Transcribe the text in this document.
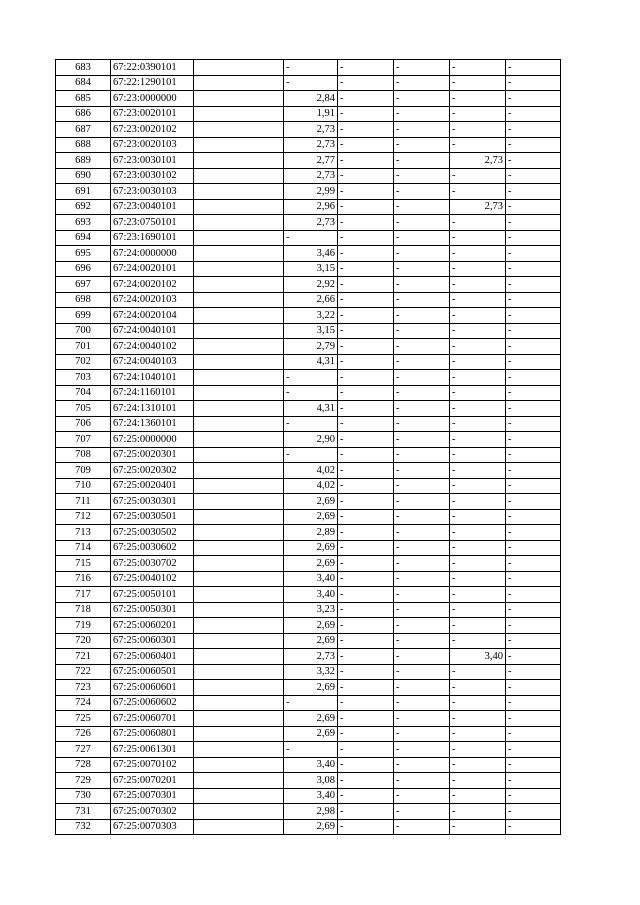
683	67:22:0390101		-	-	-	-	-
684	67:22:1290101		-	-	-	-	-
685	67:23:0000000		2,84	-	-	-	-
686	67:23:0020101		1,91	-	-	-	-
687	67:23:0020102		2,73	-	-	-	-
688	67:23:0020103		2,73	-	-	-	-
689	67:23:0030101		2,77	-	-	2,73	-
690	67:23:0030102		2,73	-	-	-	-
691	67:23:0030103		2,99	-	-	-	-
692	67:23:0040101		2,96	-	-	2,73	-
693	67:23:0750101		2,73	-	-	-	-
694	67:23:1690101		-	-	-	-	-
695	67:24:0000000		3,46	-	-	-	-
696	67:24:0020101		3,15	-	-	-	-
697	67:24:0020102		2,92	-	-	-	-
698	67:24:0020103		2,66	-	-	-	-
699	67:24:0020104		3,22	-	-	-	-
700	67:24:0040101		3,15	-	-	-	-
701	67:24:0040102		2,79	-	-	-	-
702	67:24:0040103		4,31	-	-	-	-
703	67:24:1040101		-	-	-	-	-
704	67:24:1160101		-	-	-	-	-
705	67:24:1310101		4,31	-	-	-	-
706	67:24:1360101		-	-	-	-	-
707	67:25:0000000		2,90	-	-	-	-
708	67:25:0020301		-	-	-	-	-
709	67:25:0020302		4,02	-	-	-	-
710	67:25:0020401		4,02	-	-	-	-
711	67:25:0030301		2,69	-	-	-	-
712	67:25:0030501		2,69	-	-	-	-
713	67:25:0030502		2,89	-	-	-	-
714	67:25:0030602		2,69	-	-	-	-
715	67:25:0030702		2,69	-	-	-	-
716	67:25:0040102		3,40	-	-	-	-
717	67:25:0050101		3,40	-	-	-	-
718	67:25:0050301		3,23	-	-	-	-
719	67:25:0060201		2,69	-	-	-	-
720	67:25:0060301		2,69	-	-	-	-
721	67:25:0060401		2,73	-	-	3,40	-
722	67:25:0060501		3,32	-	-	-	-
723	67:25:0060601		2,69	-	-	-	-
724	67:25:0060602		-	-	-	-	-
725	67:25:0060701		2,69	-	-	-	-
726	67:25:0060801		2,69	-	-	-	-
727	67:25:0061301		-	-	-	-	-
728	67:25:0070102		3,40	-	-	-	-
729	67:25:0070201		3,08	-	-	-	-
730	67:25:0070301		3,40	-	-	-	-
731	67:25:0070302		2,98	-	-	-	-
732	67:25:0070303		2,69	-	-	-	-
